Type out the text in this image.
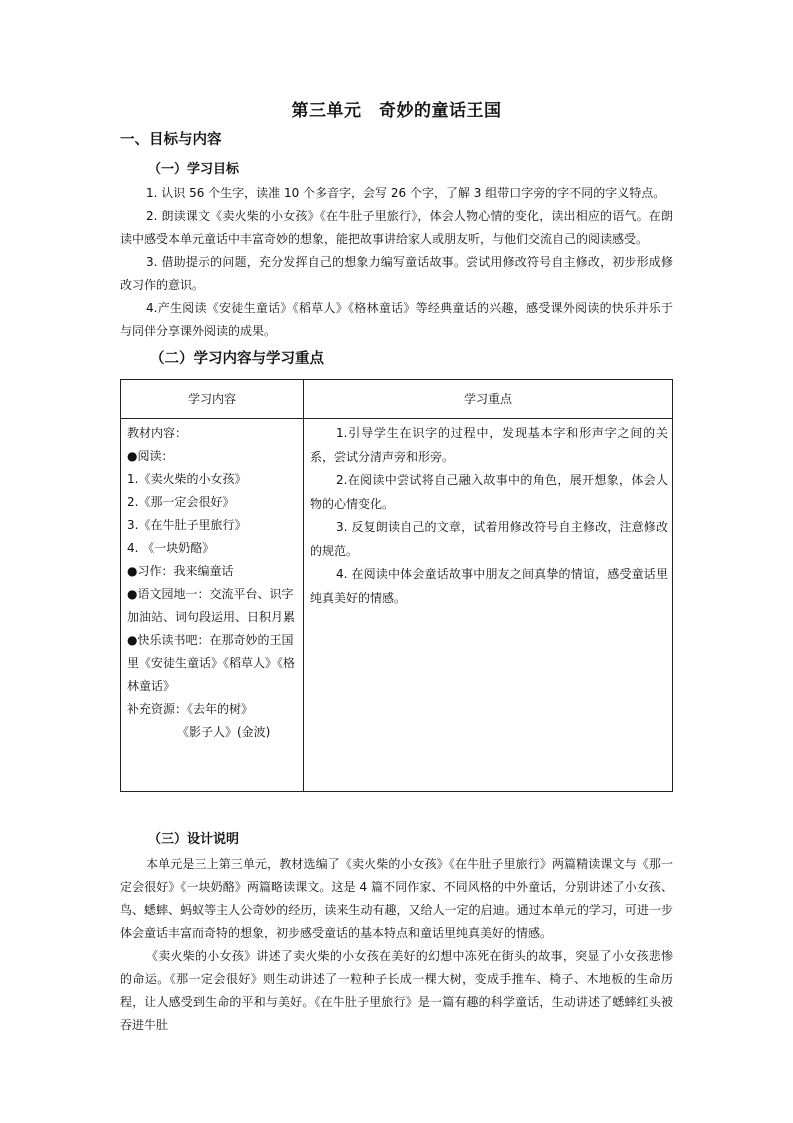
第三单元　奇妙的童话王国
一、目标与内容
（一）学习目标
1. 认识 56 个生字，读准 10 个多音字，会写 26 个字，了解 3 组带口字旁的字不同的字义特点。
2. 朗读课文《卖火柴的小女孩》《在牛肚子里旅行》，体会人物心情的变化，读出相应的语气。在朗读中感受本单元童话中丰富奇妙的想象，能把故事讲给家人或朋友听，与他们交流自己的阅读感受。
3. 借助提示的问题，充分发挥自己的想象力编写童话故事。尝试用修改符号自主修改，初步形成修改习作的意识。
4.产生阅读《安徒生童话》《稻草人》《格林童话》等经典童话的兴趣，感受课外阅读的快乐并乐于与同伴分享课外阅读的成果。
（二）学习内容与学习重点
学习内容	学习重点
教材内容：
●阅读：
1.《卖火柴的小女孩》
2.《那一定会很好》
3.《在牛肚子里旅行》
4. 《一块奶酪》
●习作：我来编童话
●语文园地一：交流平台、识字
加油站、词句段运用、日积月累
●快乐读书吧：在那奇妙的王国
里《安徒生童话》《稻草人》《格
林童话》
补充资源：《去年的树》
《影子人》(金波)

1.引导学生在识字的过程中，发现基本字和形声字之间的关系，尝试分清声旁和形旁。

2.在阅读中尝试将自己融入故事中的角色，展开想象，体会人物的心情变化。

3. 反复朗读自己的文章，试着用修改符号自主修改，注意修改的规范。

4. 在阅读中体会童话故事中朋友之间真挚的情谊，感受童话里纯真美好的情感。

（三）设计说明
本单元是三上第三单元，教材选编了《卖火柴的小女孩》《在牛肚子里旅行》两篇精读课文与《那一定会很好》《一块奶酪》两篇略读课文。这是 4 篇不同作家、不同风格的中外童话，分别讲述了小女孩、鸟、蟋蟀、蚂蚁等主人公奇妙的经历，读来生动有趣，又给人一定的启迪。通过本单元的学习，可进一步体会童话丰富而奇特的想象，初步感受童话的基本特点和童话里纯真美好的情感。
《卖火柴的小女孩》讲述了卖火柴的小女孩在美好的幻想中冻死在街头的故事，突显了小女孩悲惨的命运。《那一定会很好》则生动讲述了一粒种子长成一棵大树，变成手推车、椅子、木地板的生命历程，让人感受到生命的平和与美好。《在牛肚子里旅行》是一篇有趣的科学童话，生动讲述了蟋蟀红头被吞进牛肚
